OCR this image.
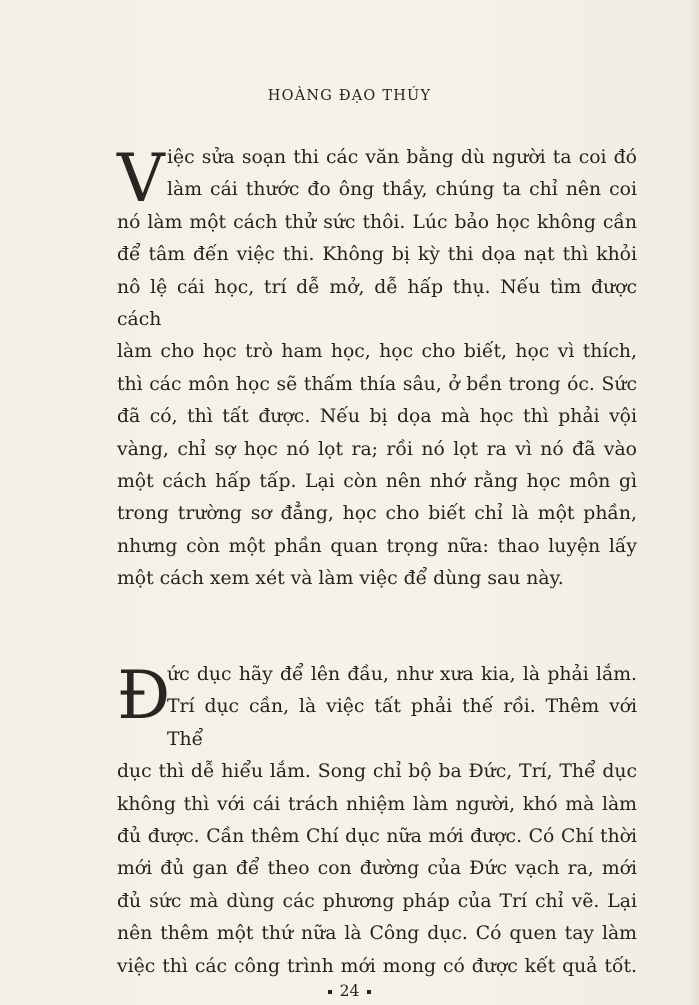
HOÀNG ĐẠO THÚY
V iệc sửa soạn thi các văn bằng dù người ta coi đó
làm cái thước đo ông thầy, chúng ta chỉ nên coi
nó làm một cách thử sức thôi. Lúc bảo học không cần
để tâm đến việc thi. Không bị kỳ thi dọa nạt thì khỏi
nô lệ cái học, trí dễ mở, dễ hấp thụ. Nếu tìm được cách
làm cho học trò ham học, học cho biết, học vì thích,
thì các môn học sẽ thấm thía sâu, ở bền trong óc. Sức
đã có, thì tất được. Nếu bị dọa mà học thì phải vội
vàng, chỉ sợ học nó lọt ra; rồi nó lọt ra vì nó đã vào
một cách hấp tấp. Lại còn nên nhớ rằng học môn gì
trong trường sơ đẳng, học cho biết chỉ là một phần,
nhưng còn một phần quan trọng nữa: thao luyện lấy
một cách xem xét và làm việc để dùng sau này.
Đ
ức dục hãy để lên đầu, như xưa kia, là phải lắm.
Trí dục cần, là việc tất phải thế rồi. Thêm với Thể
dục thì dễ hiểu lắm. Song chỉ bộ ba Đức, Trí, Thể dục
không thì với cái trách nhiệm làm người, khó mà làm
đủ được. Cần thêm Chí dục nữa mới được. Có Chí thời
mới đủ gan để theo con đường của Đức vạch ra, mới
đủ sức mà dùng các phương pháp của Trí chỉ vẽ. Lại
nên thêm một thứ nữa là Công dục. Có quen tay làm
việc thì các công trình mới mong có được kết quả tốt.
24
